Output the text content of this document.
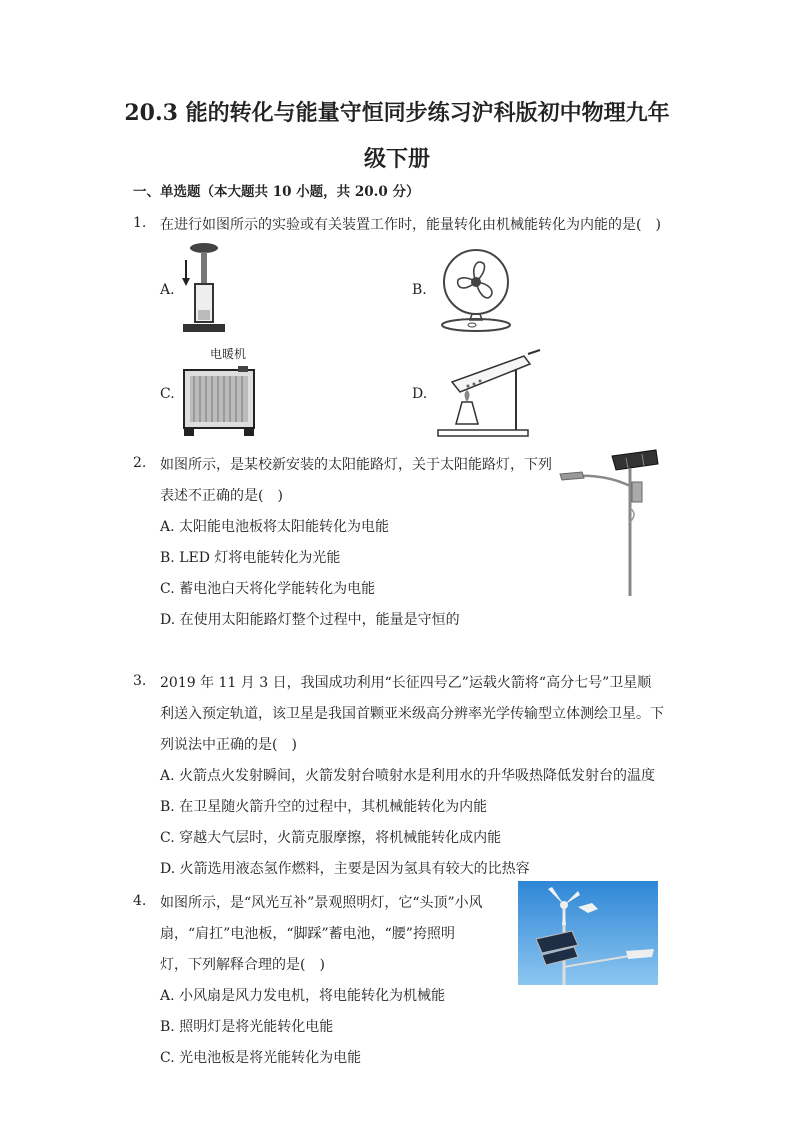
20.3 能的转化与能量守恒同步练习沪科版初中物理九年
级下册
一、单选题（本大题共 10 小题，共 20.0 分）
1. 在进行如图所示的实验或有关装置工作时，能量转化由机械能转化为内能的是(　)
A.	B.
电暖机
C.	D.
2. 如图所示，是某校新安装的太阳能路灯，关于太阳能路灯，下列
表述不正确的是(　)
A. 太阳能电池板将太阳能转化为电能
B. LED 灯将电能转化为光能
C. 蓄电池白天将化学能转化为电能
D. 在使用太阳能路灯整个过程中，能量是守恒的
3. 2019 年 11 月 3 日，我国成功利用“长征四号乙”运载火箭将“高分七号”卫星顺
利送入预定轨道，该卫星是我国首颗亚米级高分辨率光学传输型立体测绘卫星。下
列说法中正确的是(　)
A. 火箭点火发射瞬间，火箭发射台喷射水是利用水的升华吸热降低发射台的温度
B. 在卫星随火箭升空的过程中，其机械能转化为内能
C. 穿越大气层时，火箭克服摩擦，将机械能转化成内能
D. 火箭选用液态氢作燃料，主要是因为氢具有较大的比热容
4. 如图所示，是“风光互补”景观照明灯，它“头顶”小风
扇，“肩扛”电池板，“脚踩”蓄电池，“腰”挎照明
灯，下列解释合理的是(　)
A. 小风扇是风力发电机，将电能转化为机械能
B. 照明灯是将光能转化电能
C. 光电池板是将光能转化为电能
